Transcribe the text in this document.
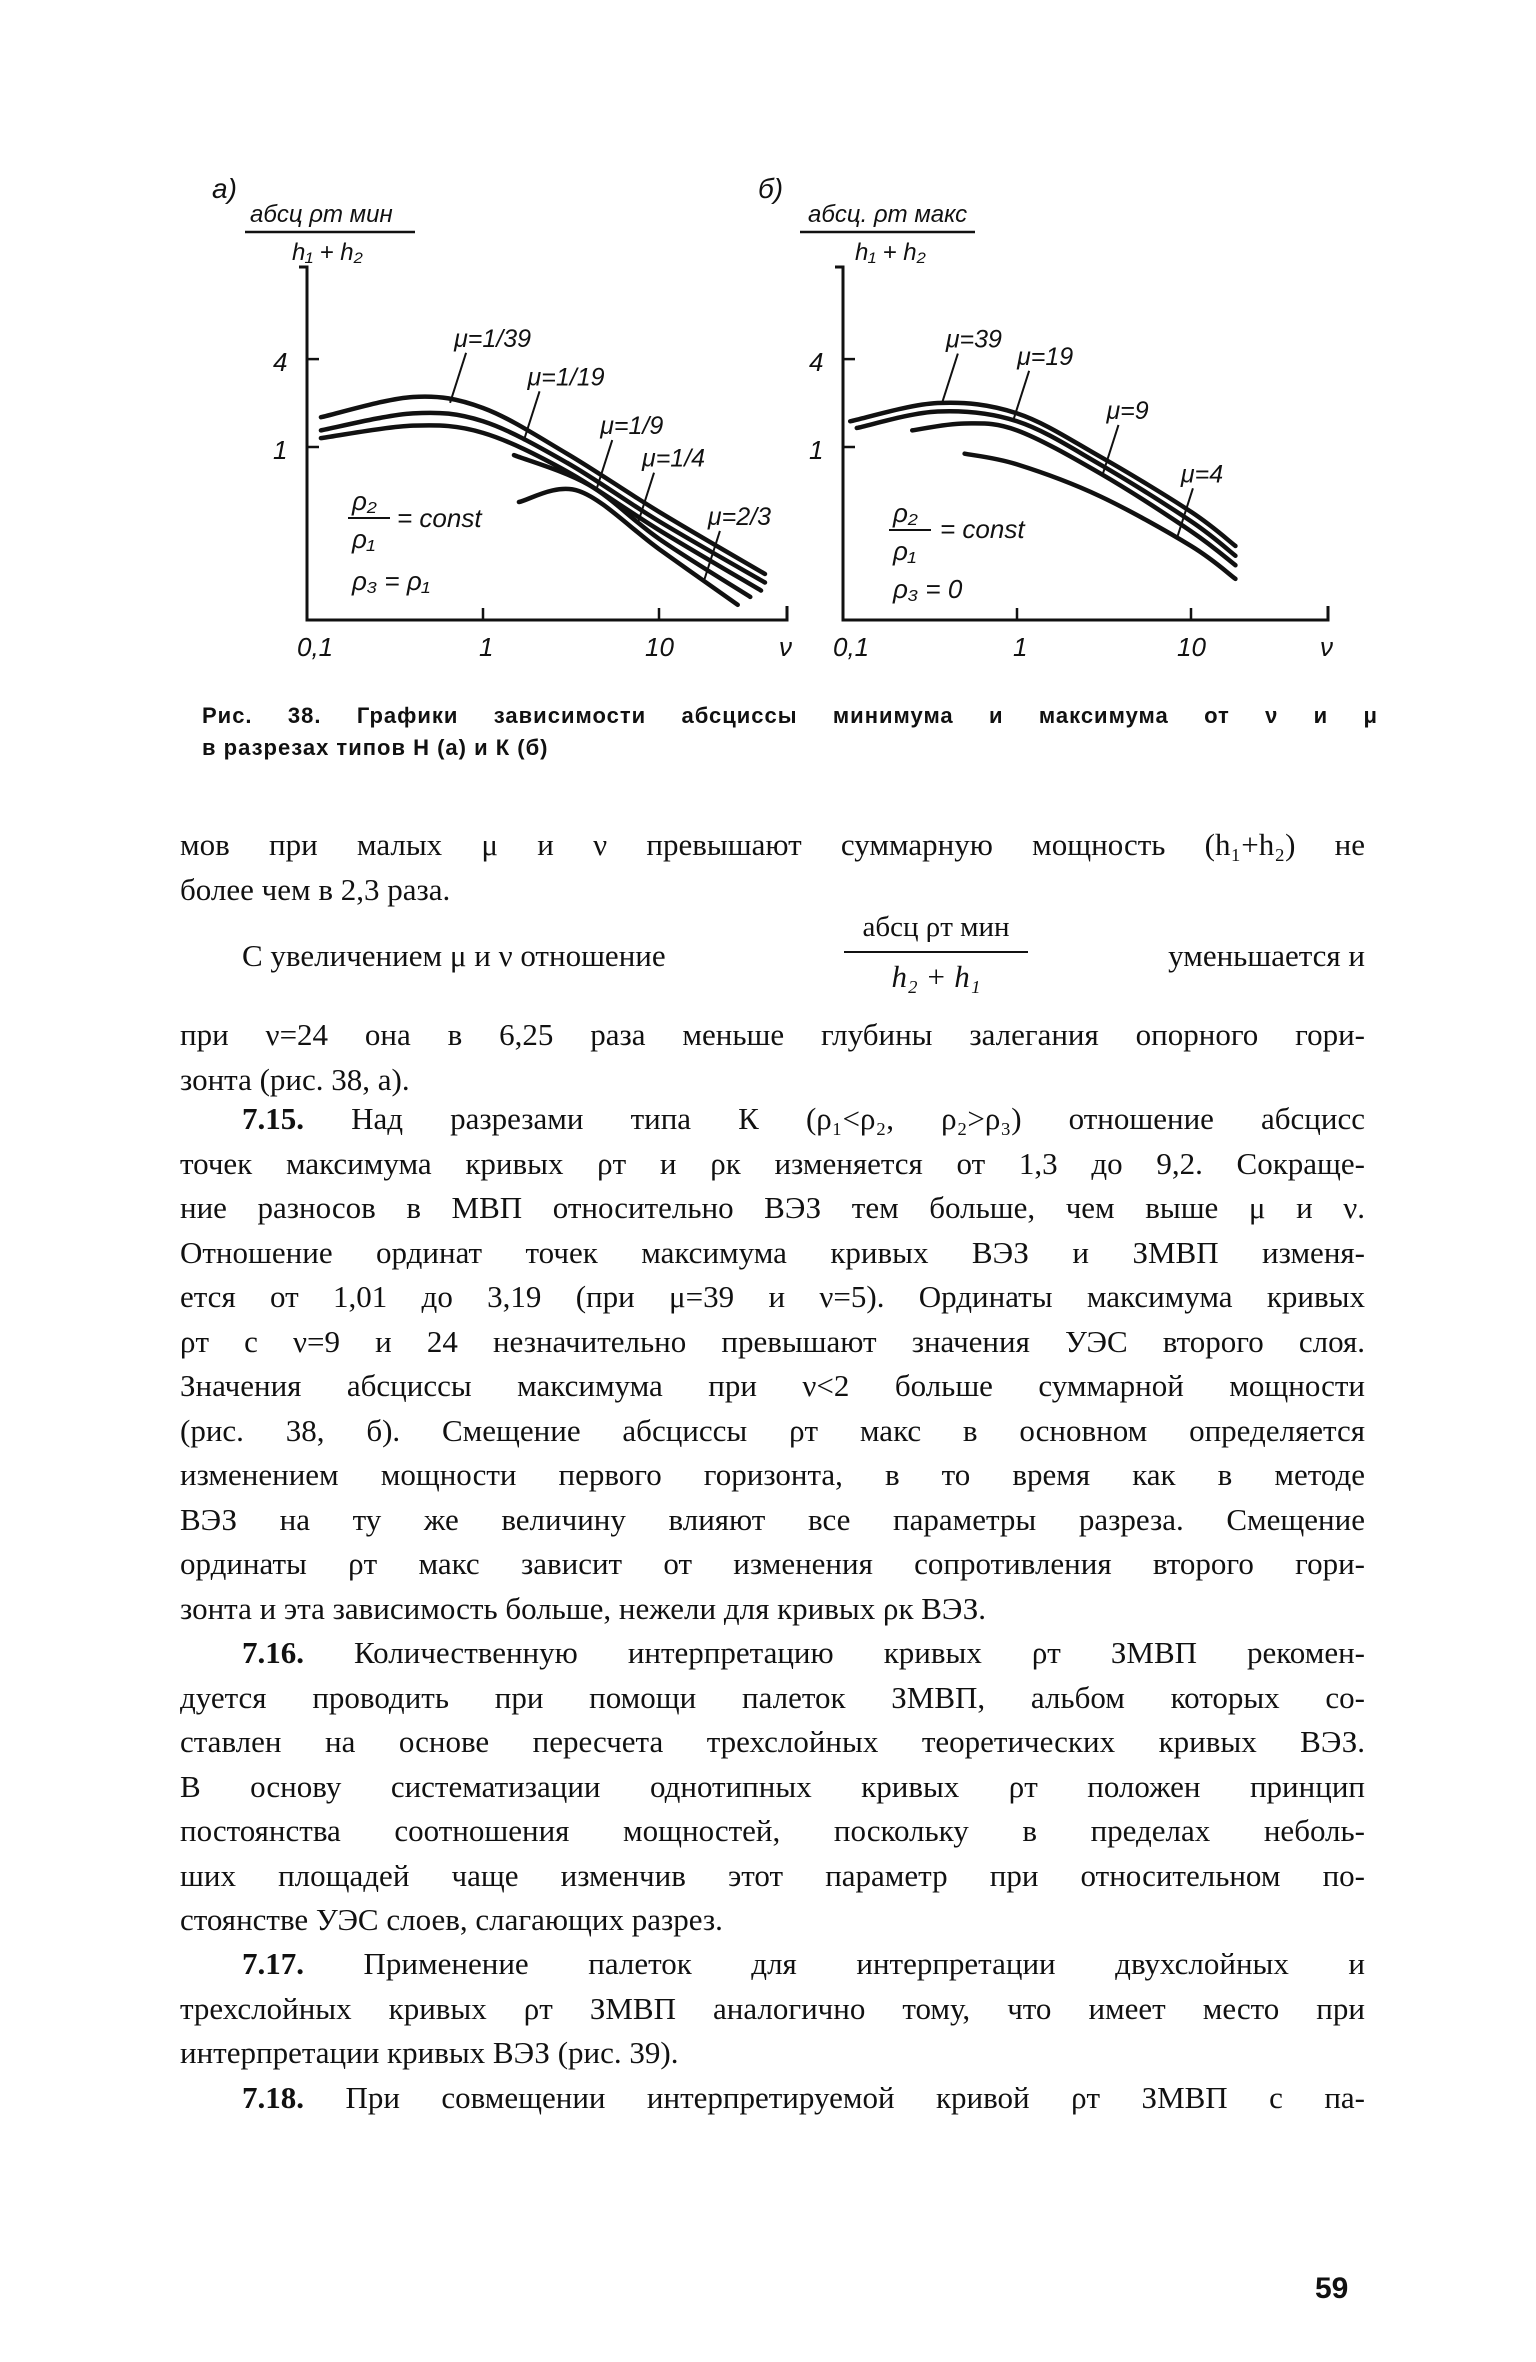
а)
абсц ρт мин
h₁ + h₂
ρ₂
ρ₁
= const
ρ₃ = ρ₁
б)
абсц. ρт макс
h₁ + h₂
ρ₂
ρ₁
= const
ρ₃ = 0
0,1	1	10	ν
1
4
μ=1/39
μ=1/19
μ=1/9
μ=1/4
μ=2/3
0,1	1	10	ν
1
4
μ=39
μ=19
μ=9
μ=4
Рис. 38. Графики зависимости абсциссы минимума и максимума от ν и μ
в разрезах типов Н (а) и К (б)
мов при малых μ и ν превышают суммарную мощность (h₁+h₂) не
более чем в 2,3 раза.
С увеличением μ и ν отношение
абсц ρт мин
h₂ + h₁
уменьшается и
при ν=24 она в 6,25 раза меньше глубины залегания опорного гори-
зонта (рис. 38, а).
7.15. Над разрезами типа К (ρ₁<ρ₂, ρ₂>ρ₃) отношение абсцисс
точек максимума кривых ρт и ρк изменяется от 1,3 до 9,2. Сокраще-
ние разносов в МВП относительно ВЭЗ тем больше, чем выше μ и ν.
Отношение ординат точек максимума кривых ВЭЗ и ЗМВП изменя-
ется от 1,01 до 3,19 (при μ=39 и ν=5). Ординаты максимума кривых
ρт с ν=9 и 24 незначительно превышают значения УЭС второго слоя.
Значения абсциссы максимума при ν<2 больше суммарной мощности
(рис. 38, б). Смещение абсциссы ρт макс в основном определяется
изменением мощности первого горизонта, в то время как в методе
ВЭЗ на ту же величину влияют все параметры разреза. Смещение
ординаты ρт макс зависит от изменения сопротивления второго гори-
зонта и эта зависимость больше, нежели для кривых ρк ВЭЗ.
7.16. Количественную интерпретацию кривых ρт ЗМВП рекомен-
дуется проводить при помощи палеток ЗМВП, альбом которых со-
ставлен на основе пересчета трехслойных теоретических кривых ВЭЗ.
В основу систематизации однотипных кривых ρт положен принцип
постоянства соотношения мощностей, поскольку в пределах неболь-
ших площадей чаще изменчив этот параметр при относительном по-
стоянстве УЭС слоев, слагающих разрез.
7.17. Применение палеток для интерпретации двухслойных и
трехслойных кривых ρт ЗМВП аналогично тому, что имеет место при
интерпретации кривых ВЭЗ (рис. 39).
7.18. При совмещении интерпретируемой кривой ρт ЗМВП с па-
59
